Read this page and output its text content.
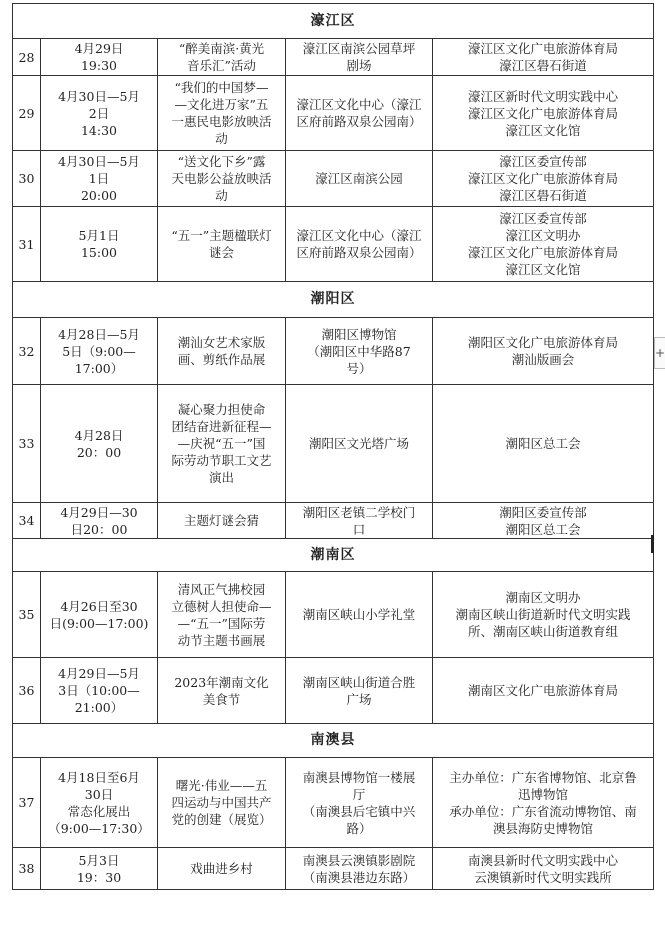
濠江区				
28	4月29日
19:30	“醉美南滨·黄光
音乐汇”活动	濠江区南滨公园草坪
剧场	濠江区文化广电旅游体育局
濠江区礐石街道

29	4月30日—5月
2日
14:30	“我们的中国梦—
—文化进万家”五
一惠民电影放映活
动	濠江区文化中心（濠江
区府前路双泉公园南）	濠江区新时代文明实践中心
濠江区文化广电旅游体育局
濠江区文化馆

30	4月30日—5月
1日
20:00	“送文化下乡”露
天电影公益放映活
动	濠江区南滨公园	濠江区委宣传部
濠江区文化广电旅游体育局
濠江区礐石街道

31	5月1日
15:00	“五一”主题楹联灯
谜会	濠江区文化中心（濠江
区府前路双泉公园南）	濠江区委宣传部
濠江区文明办
濠江区文化广电旅游体育局
濠江区文化馆

潮阳区				
32	4月28日—5月
5日（9:00—
17:00）	潮汕女艺术家版
画、剪纸作品展	潮阳区博物馆
（潮阳区中华路87
号）	潮阳区文化广电旅游体育局
潮汕版画会

33	4月28日
20：00	凝心聚力担使命
团结奋进新征程—
—庆祝“五一”国
际劳动节职工文艺
演出	潮阳区文光塔广场	潮阳区总工会

34	4月29日—30
日20：00	主题灯谜会猜	潮阳区老镇二学校门
口	潮阳区委宣传部
潮阳区总工会

潮南区				
35	4月26日至30
日(9:00—17:00)	清风正气拂校园
立德树人担使命—
—“五一”国际劳
动节主题书画展	潮南区峡山小学礼堂	潮南区文明办
潮南区峡山街道新时代文明实践
所、潮南区峡山街道教育组

36	4月29日—5月
3日（10:00—
21:00）	2023年潮南文化
美食节	潮南区峡山街道合胜
广场	潮南区文化广电旅游体育局

南澳县				
37	4月18日至6月
30日
常态化展出
（9:00—17:30）	曙光·伟业——五
四运动与中国共产
党的创建（展览）	南澳县博物馆一楼展
厅
（南澳县后宅镇中兴
路）	主办单位：广东省博物馆、北京鲁
迅博物馆
承办单位：广东省流动博物馆、南
澳县海防史博物馆

38	5月3日
19：30	戏曲进乡村	南澳县云澳镇影剧院
（南澳县港边东路）	南澳县新时代文明实践中心
云澳镇新时代文明实践所
+
